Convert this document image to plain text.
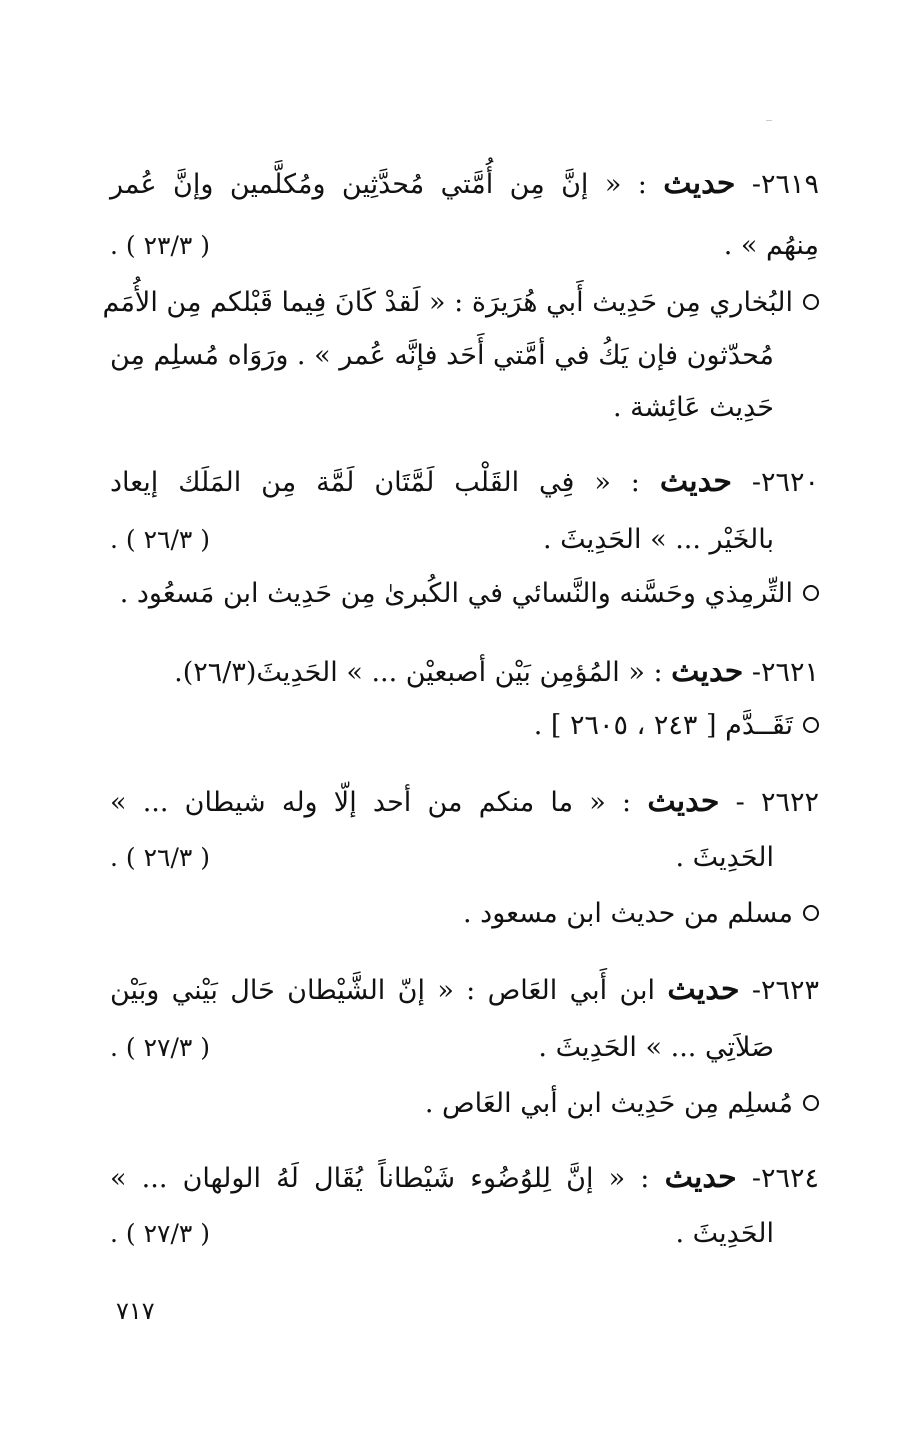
٢٦١٩- حديث : « إنَّ مِن أُمَّتي مُحدَّثِين ومُكلَّمين وإنَّ عُمر
مِنهُم » .
( ٢٣/٣ ) .
البُخاري مِن حَدِيث أَبي هُرَيرَة : « لَقدْ كَانَ فِيما قَبْلكم مِن الأُمَم
مُحدّثون فإن يَكُ في أمَّتي أَحَد فإنَّه عُمر » . ورَوَاه مُسلِم مِن
حَدِيث عَائِشة .
٢٦٢٠- حديث : « فِي القَلْب لَمَّتَان لَمَّة مِن المَلَك إيعاد
بالخَيْر ... » الحَدِيثَ .
( ٢٦/٣ ) .
التِّرمِذي وحَسَّنه والنَّسائي في الكُبرىٰ مِن حَدِيث ابن مَسعُود .
٢٦٢١- حديث : « المُؤمِن بَيْن أصبعيْن ... » الحَدِيثَ(٢٦/٣).
تَقَــدَّم [ ٢٤٣ ، ٢٦٠٥ ] .
٢٦٢٢ - حديث : « ما منكم من أحد إلّا وله شيطان ... »
الحَدِيثَ .
( ٢٦/٣ ) .
مسلم من حديث ابن مسعود .
٢٦٢٣- حديث ابن أَبي العَاص : « إنّ الشَّيْطان حَال بَيْني وبَيْن
صَلاَتِي ... » الحَدِيثَ .
( ٢٧/٣ ) .
مُسلِم مِن حَدِيث ابن أبي العَاص .
٢٦٢٤- حديث : « إنَّ لِلوُضُوء شَيْطاناً يُقَال لَهُ الولهان ... »
الحَدِيثَ .
( ٢٧/٣ ) .
٧١٧
